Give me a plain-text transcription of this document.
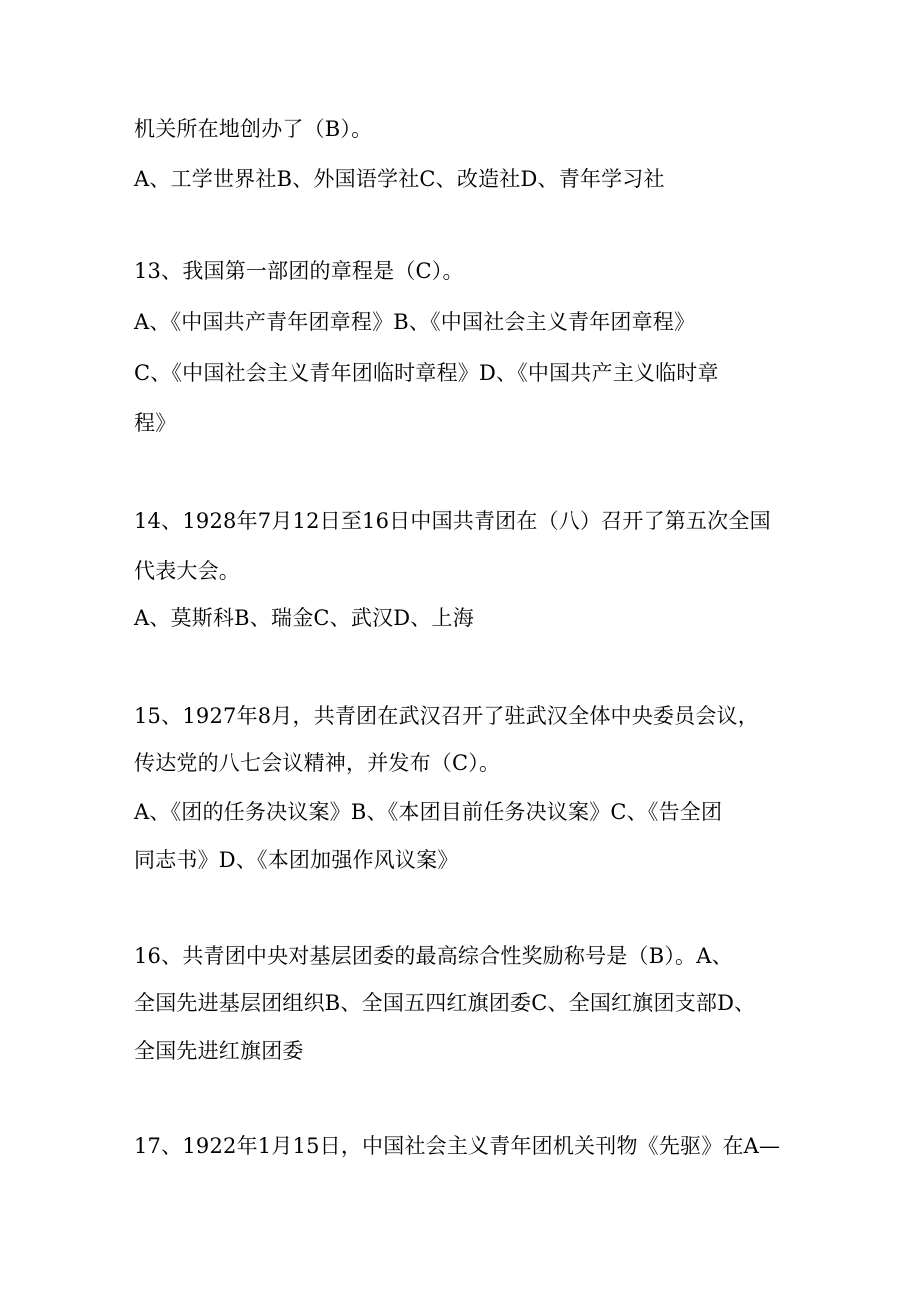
机关所在地创办了（B）。
A、工学世界社B、外国语学社C、改造社D、青年学习社
13、我国第一部团的章程是（C）。
A、《中国共产青年团章程》B、《中国社会主义青年团章程》
C、《中国社会主义青年团临时章程》D、《中国共产主义临时章
程》
14、1928年7月12日至16日中国共青团在（八）召开了第五次全国
代表大会。
A、莫斯科B、瑞金C、武汉D、上海
15、1927年8月，共青团在武汉召开了驻武汉全体中央委员会议，
传达党的八七会议精神，并发布（C）。
A、《团的任务决议案》B、《本团目前任务决议案》C、《告全团
同志书》D、《本团加强作风议案》
16、共青团中央对基层团委的最高综合性奖励称号是（B）。A、
全国先进基层团组织B、全国五四红旗团委C、全国红旗团支部D、
全国先进红旗团委
17、1922年1月15日，中国社会主义青年团机关刊物《先驱》在A—
